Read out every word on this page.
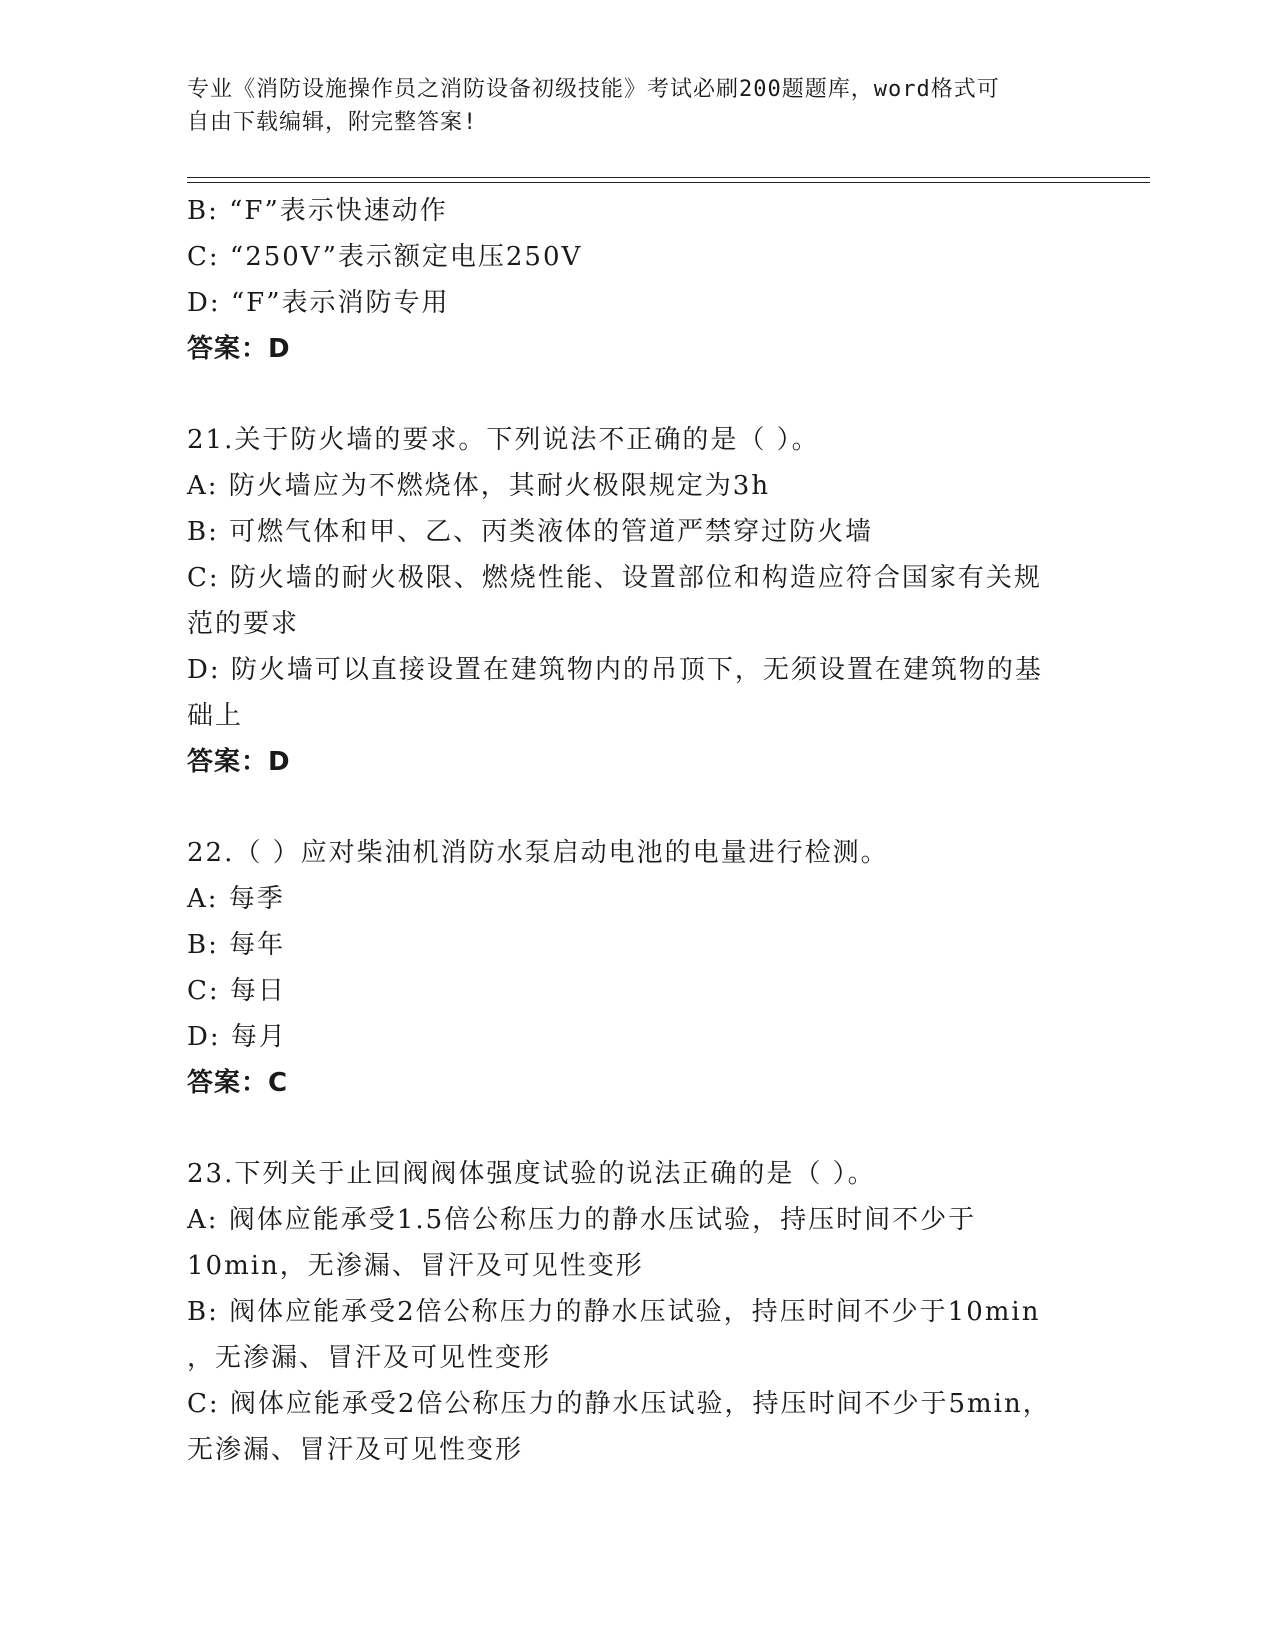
专业《消防设施操作员之消防设备初级技能》考试必刷200题题库，word格式可
自由下载编辑，附完整答案!
B: “F”表示快速动作
C: “250V”表示额定电压250V
D: “F”表示消防专用
答案：D
21.关于防火墙的要求。下列说法不正确的是（ ）。
A: 防火墙应为不燃烧体，其耐火极限规定为3h
B: 可燃气体和甲、乙、丙类液体的管道严禁穿过防火墙
C: 防火墙的耐火极限、燃烧性能、设置部位和构造应符合国家有关规
范的要求
D: 防火墙可以直接设置在建筑物内的吊顶下，无须设置在建筑物的基
础上
答案：D
22.（ ）应对柴油机消防水泵启动电池的电量进行检测。
A: 每季
B: 每年
C: 每日
D: 每月
答案：C
23.下列关于止回阀阀体强度试验的说法正确的是（ ）。
A: 阀体应能承受1.5倍公称压力的静水压试验，持压时间不少于
10min，无渗漏、冒汗及可见性变形
B: 阀体应能承受2倍公称压力的静水压试验，持压时间不少于10min
，无渗漏、冒汗及可见性变形
C: 阀体应能承受2倍公称压力的静水压试验，持压时间不少于5min，
无渗漏、冒汗及可见性变形
